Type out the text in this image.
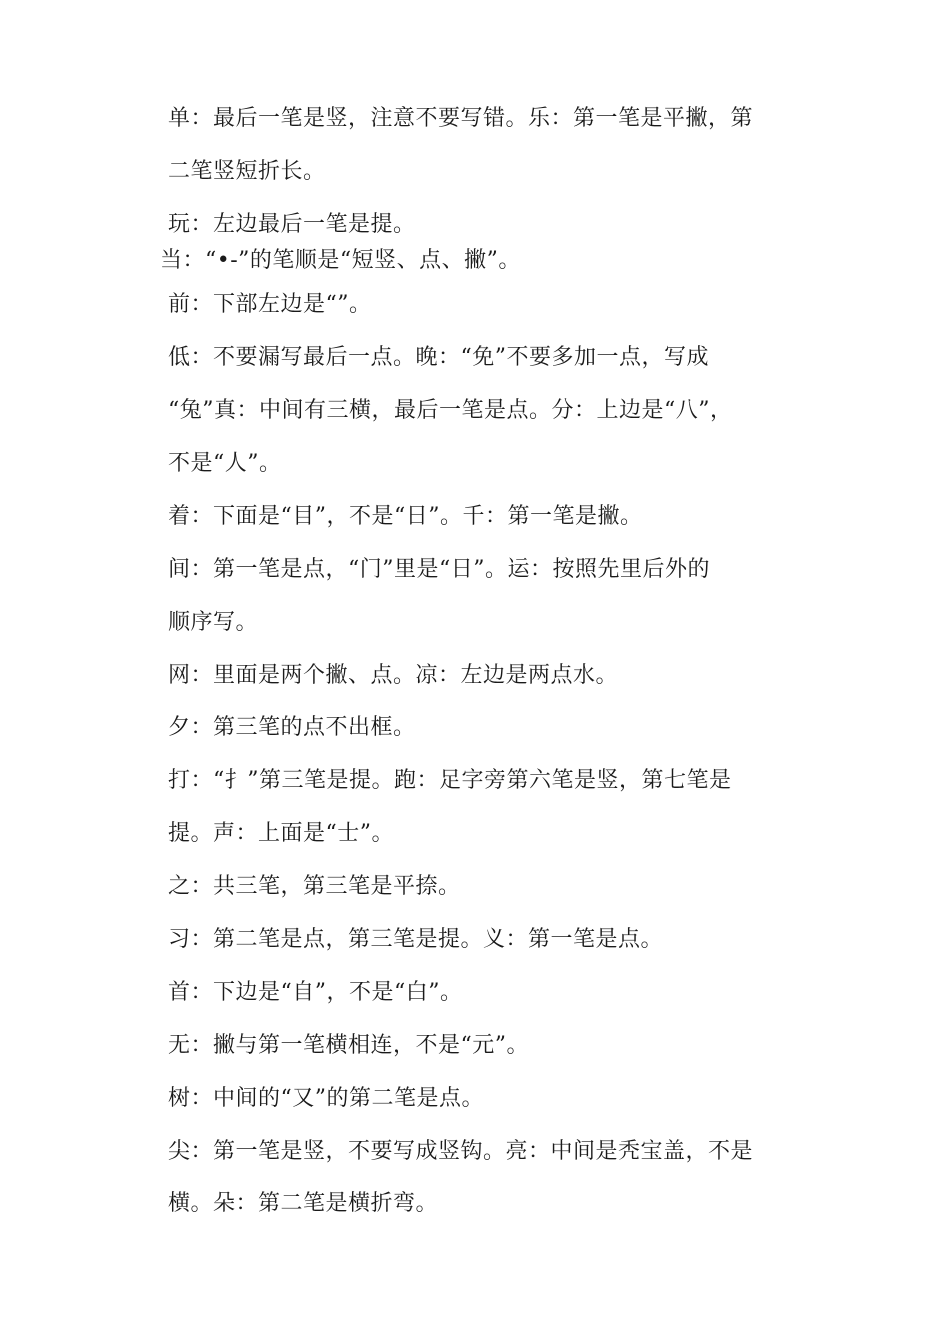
单：最后一笔是竖，注意不要写错。乐：第一笔是平撇，第
二笔竖短折长。
玩：左边最后一笔是提。
当：“•-”的笔顺是“短竖、点、撇”。
前：下部左边是“”。
低：不要漏写最后一点。晚：“免”不要多加一点，写成
“兔”真：中间有三横，最后一笔是点。分：上边是“八”，
不是“人”。
着：下面是“目”，不是“日”。千：第一笔是撇。
间：第一笔是点，“门”里是“日”。运：按照先里后外的
顺序写。
网：里面是两个撇、点。凉：左边是两点水。
夕：第三笔的点不出框。
打：“扌”第三笔是提。跑：足字旁第六笔是竖，第七笔是
提。声：上面是“士”。
之：共三笔，第三笔是平捺。
习：第二笔是点，第三笔是提。义：第一笔是点。
首：下边是“自”，不是“白”。
无：撇与第一笔横相连，不是“元”。
树：中间的“又”的第二笔是点。
尖：第一笔是竖，不要写成竖钩。亮：中间是秃宝盖，不是
横。朵：第二笔是横折弯。
